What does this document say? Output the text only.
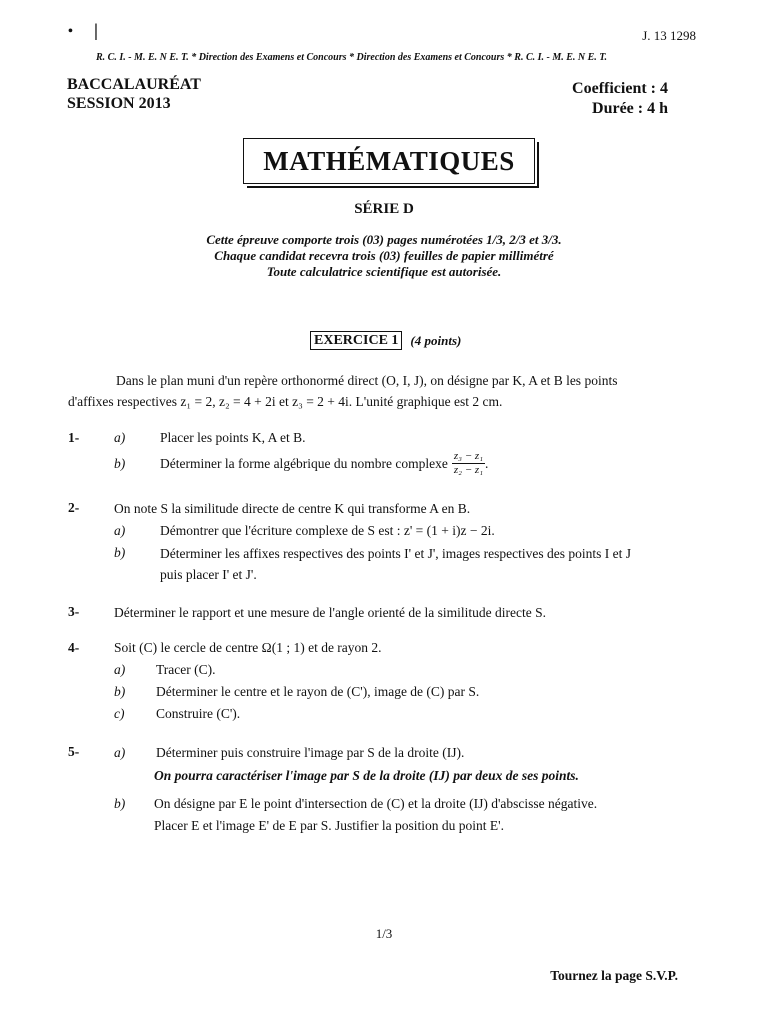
• |	J. 13 1298
R. C. I. - M. E. N E. T. * Direction des Examens et Concours * Direction des Examens et Concours * R. C. I. - M. E. N E. T.
BACCALAURÉAT
SESSION 2013
Coefficient : 4
Durée : 4 h
MATHÉMATIQUES
SÉRIE D
Cette épreuve comporte trois (03) pages numérotées 1/3, 2/3 et 3/3.
Chaque candidat recevra trois (03) feuilles de papier millimétré
Toute calculatrice scientifique est autorisée.
EXERCICE 1 (4 points)
Dans le plan muni d'un repère orthonormé direct (O, I, J), on désigne par K, A et B les points
d'affixes respectives z₁ = 2, z₂ = 4 + 2i et z₃ = 2 + 4i. L'unité graphique est 2 cm.
1-	a)	Placer les points K, A et B.
b)	Déterminer la forme algébrique du nombre complexe $\frac{\text{z₃ − z₁}}{\text{z₂ − z₁}}$ .
2-	On note S la similitude directe de centre K qui transforme A en B.
a)	Démontrer que l'écriture complexe de S est : z' = (1 + i)z − 2i.
b)	Déterminer les affixes respectives des points I' et J', images respectives des points I et J
puis placer I' et J'.
3-	Déterminer le rapport et une mesure de l'angle orienté de la similitude directe S.
4-	Soit (C) le cercle de centre Ω(1 ; 1) et de rayon 2.
a) Tracer (C).
b) Déterminer le centre et le rayon de (C'), image de (C) par S.
c) Construire (C').
5-	a) Déterminer puis construire l'image par S de la droite (IJ).
On pourra caractériser l'image par S de la droite (IJ) par deux de ses points.
b) On désigne par E le point d'intersection de (C) et la droite (IJ) d'abscisse négative.
Placer E et l'image E' de E par S. Justifier la position du point E'.
1/3
Tournez la page S.V.P.
